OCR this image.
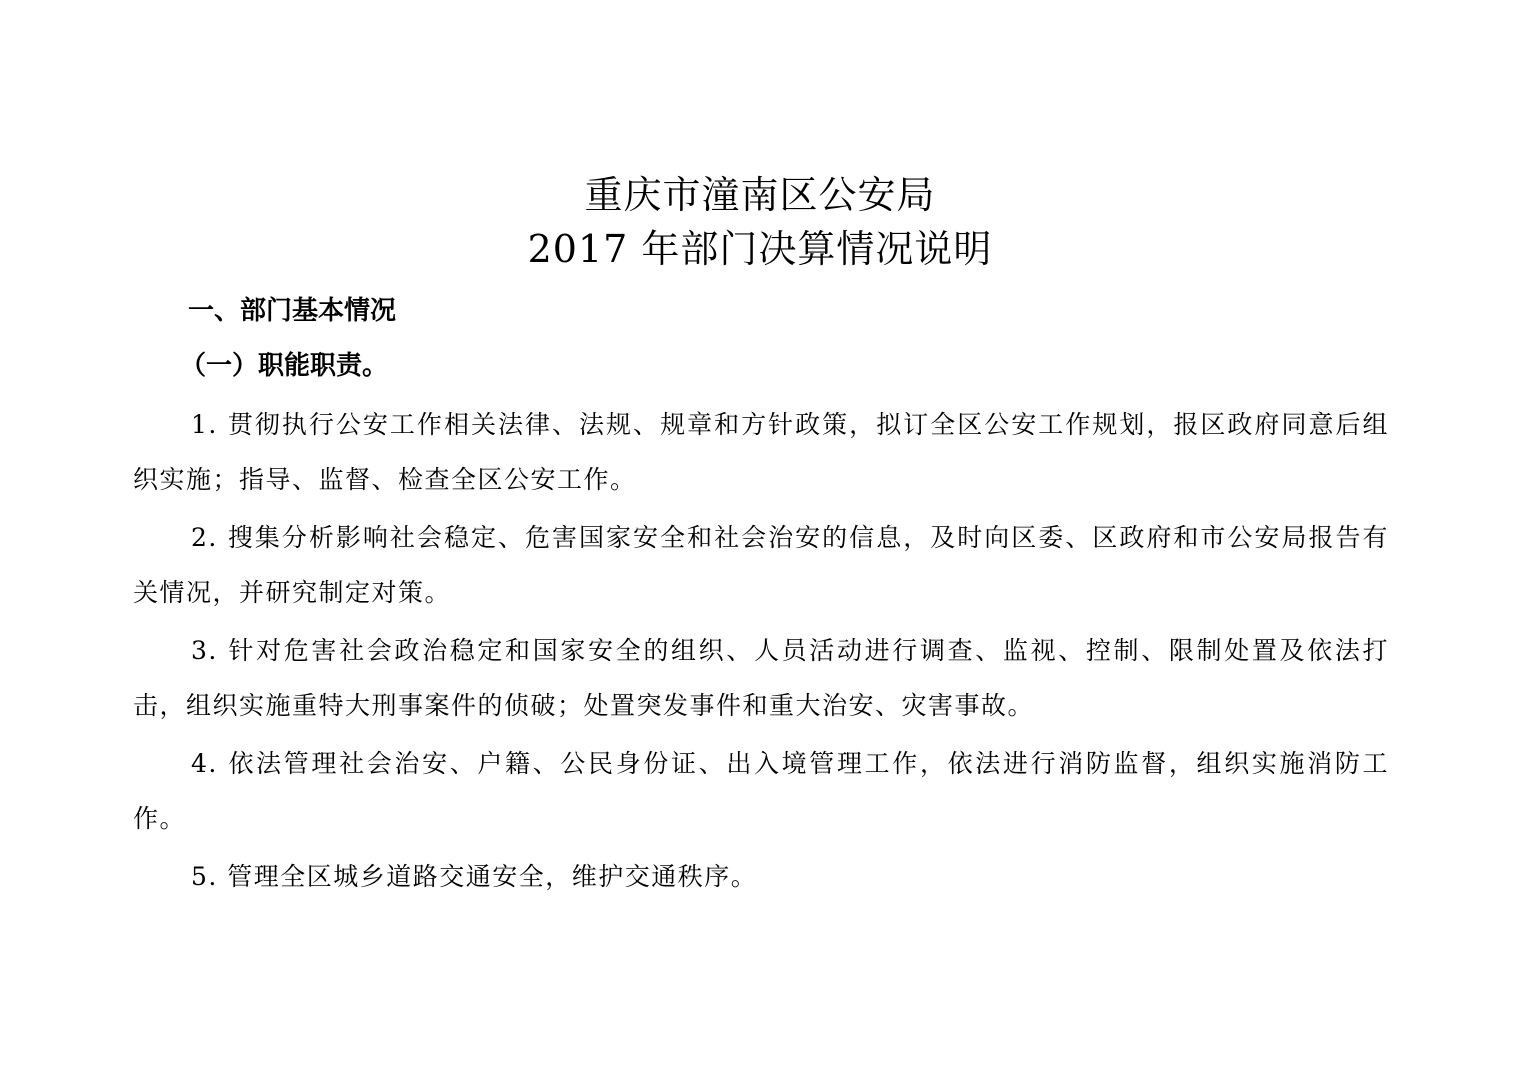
重庆市潼南区公安局
2017 年部门决算情况说明
一、部门基本情况
（一）职能职责。

1. 贯彻执行公安工作相关法律、法规、规章和方针政策，拟订全区公安工作规划，报区政府同意后组织实施；指导、监督、检查全区公安工作。

2. 搜集分析影响社会稳定、危害国家安全和社会治安的信息，及时向区委、区政府和市公安局报告有关情况，并研究制定对策。

3. 针对危害社会政治稳定和国家安全的组织、人员活动进行调查、监视、控制、限制处置及依法打击，组织实施重特大刑事案件的侦破；处置突发事件和重大治安、灾害事故。

4. 依法管理社会治安、户籍、公民身份证、出入境管理工作，依法进行消防监督，组织实施消防工作。

5. 管理全区城乡道路交通安全，维护交通秩序。
